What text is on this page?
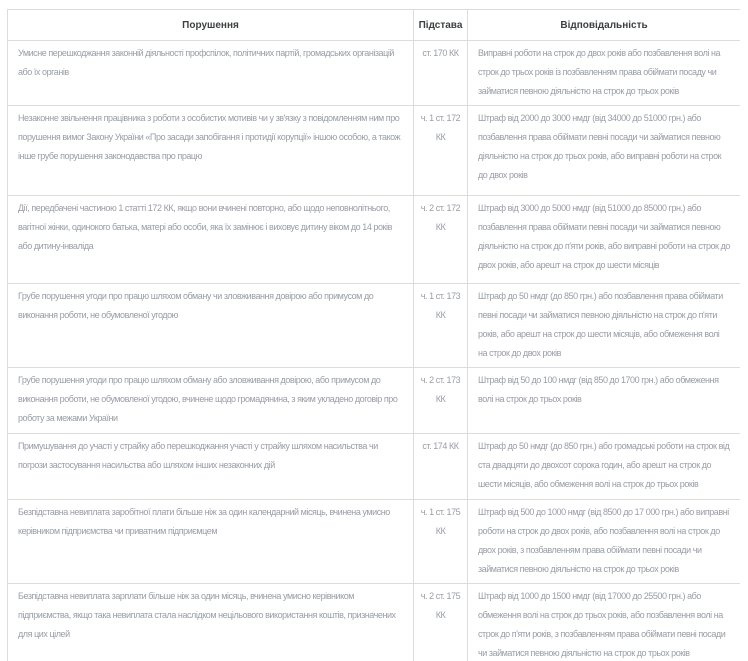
Порушення	Підстава	Відповідальність
Умисне перешкоджання законній діяльності профспілок, політичних партій, громадських організацій або їх органів	ст. 170 КК	Виправні роботи на строк до двох років або позбавлення волі на строк до трьох років із позбавленням права обіймати посаду чи займатися певною діяльністю на строк до трьох років
Незаконне звільнення працівника з роботи з особистих мотивів чи у зв'язку з повідомленням ним про порушення вимог Закону України «Про засади запобігання і протидії корупції» іншою особою, а також інше грубе порушення законодавства про працю	ч. 1 ст. 172 КК	Штраф від 2000 до 3000 нмдг (від 34000 до 51000 грн.) або позбавлення права обіймати певні посади чи займатися певною діяльністю на строк до трьох років, або виправні роботи на строк до двох років
Дії, передбачені частиною 1 статті 172 КК, якщо вони вчинені повторно, або щодо неповнолітнього, вагітної жінки, одинокого батька, матері або особи, яка їх замінює і виховує дитину віком до 14 років або дитину-інваліда	ч. 2 ст. 172 КК	Штраф від 3000 до 5000 нмдг (від 51000 до 85000 грн.) або позбавлення права обіймати певні посади чи займатися певною діяльністю на строк до п'яти років, або виправні роботи на строк до двох років, або арешт на строк до шести місяців
Грубе порушення угоди про працю шляхом обману чи зловживання довірою або примусом до виконання роботи, не обумовленої угодою	ч. 1 ст. 173 КК	Штраф до 50 нмдг (до 850 грн.) або позбавлення права обіймати певні посади чи займатися певною діяльністю на строк до п'яти років, або арешт на строк до шести місяців, або обмеження волі на строк до двох років
Грубе порушення угоди про працю шляхом обману або зловживання довірою, або примусом до виконання роботи, не обумовленої угодою, вчинене щодо громадянина, з яким укладено договір про роботу за межами України	ч. 2 ст. 173 КК	Штраф від 50 до 100 нмдг (від 850 до 1700 грн.) або обмеження волі на строк до трьох років
Примушування до участі у страйку або перешкоджання участі у страйку шляхом насильства чи погрози застосування насильства або шляхом інших незаконних дій	ст. 174 КК	Штраф до 50 нмдг (до 850 грн.) або громадські роботи на строк від ста двадцяти до двохсот сорока годин, або арешт на строк до шести місяців, або обмеження волі на строк до трьох років
Безпідставна невиплата заробітної плати більше ніж за один календарний місяць, вчинена умисно керівником підприємства чи приватним підприємцем	ч. 1 ст. 175 КК	Штраф від 500 до 1000 нмдг (від 8500 до 17 000 грн.) або виправні роботи на строк до двох років, або позбавлення волі на строк до двох років, з позбавленням права обіймати певні посади чи займатися певною діяльністю на строк до трьох років
Безпідставна невиплата зарплати більше ніж за один місяць, вчинена умисно керівником підприємства, якщо така невиплата стала наслідком нецільового використання коштів, призначених для цих цілей	ч. 2 ст. 175 КК	Штраф від 1000 до 1500 нмдг (від 17000 до 25500 грн.) або обмеження волі на строк до трьох років, або позбавлення волі на строк до п'яти років, з позбавленням права обіймати певні посади чи займатися певною діяльністю на строк до трьох років
